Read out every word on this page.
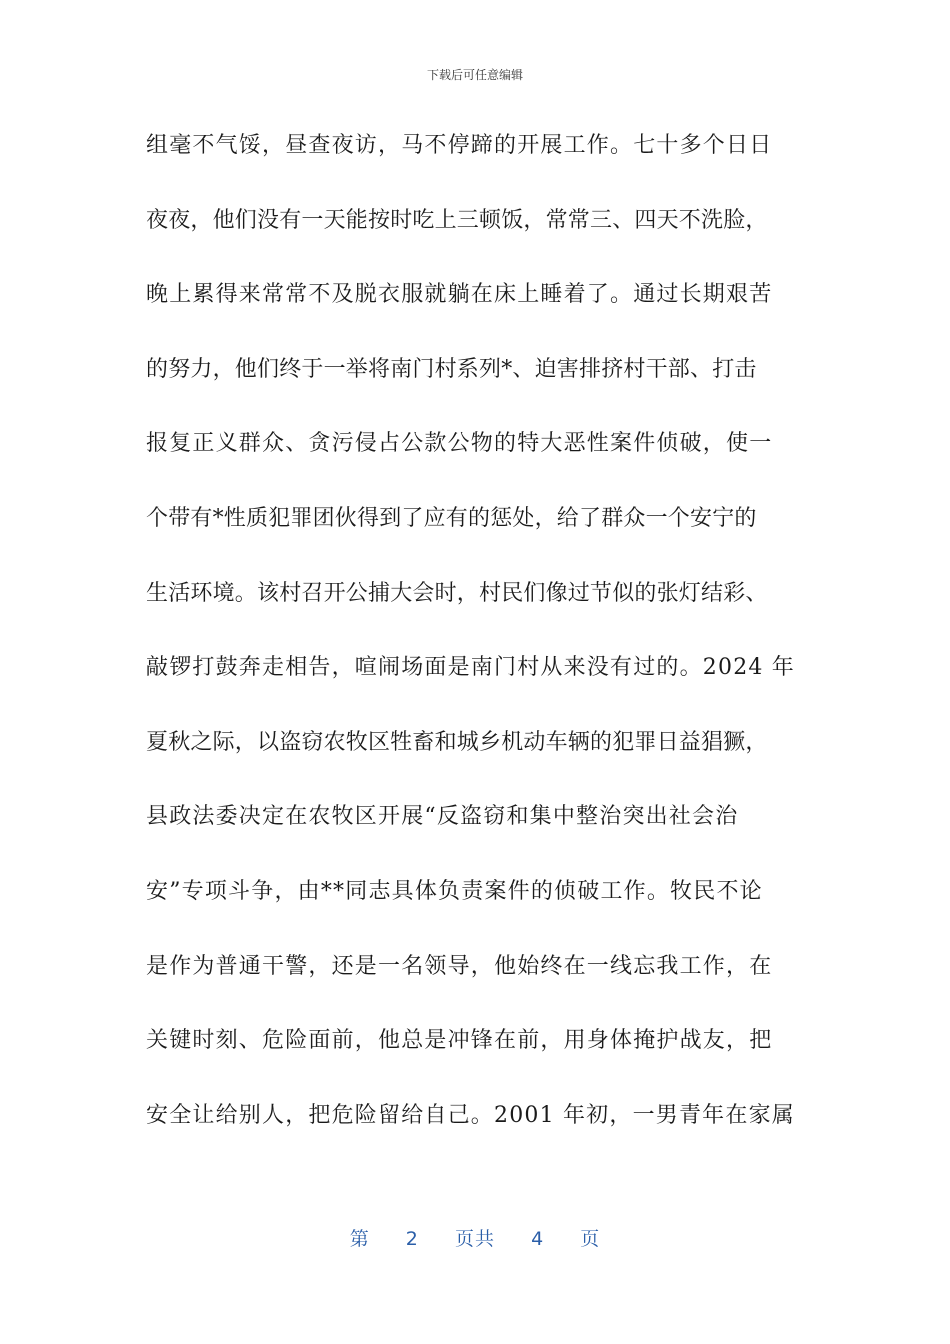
下载后可任意编辑
组毫不气馁，昼查夜访，马不停蹄的开展工作。七十多个日日
夜夜，他们没有一天能按时吃上三顿饭，常常三、四天不洗脸，
晚上累得来常常不及脱衣服就躺在床上睡着了。通过长期艰苦
的努力，他们终于一举将南门村系列*、迫害排挤村干部、打击
报复正义群众、贪污侵占公款公物的特大恶性案件侦破，使一
个带有*性质犯罪团伙得到了应有的惩处，给了群众一个安宁的
生活环境。该村召开公捕大会时，村民们像过节似的张灯结彩、
敲锣打鼓奔走相告，喧闹场面是南门村从来没有过的。2024 年
夏秋之际，以盗窃农牧区牲畜和城乡机动车辆的犯罪日益猖獗，
县政法委决定在农牧区开展“反盗窃和集中整治突出社会治
安”专项斗争，由**同志具体负责案件的侦破工作。牧民不论
是作为普通干警，还是一名领导，他始终在一线忘我工作，在
关键时刻、危险面前，他总是冲锋在前，用身体掩护战友，把
安全让给别人，把危险留给自己。2001 年初，一男青年在家属
第 2 页共 4 页
